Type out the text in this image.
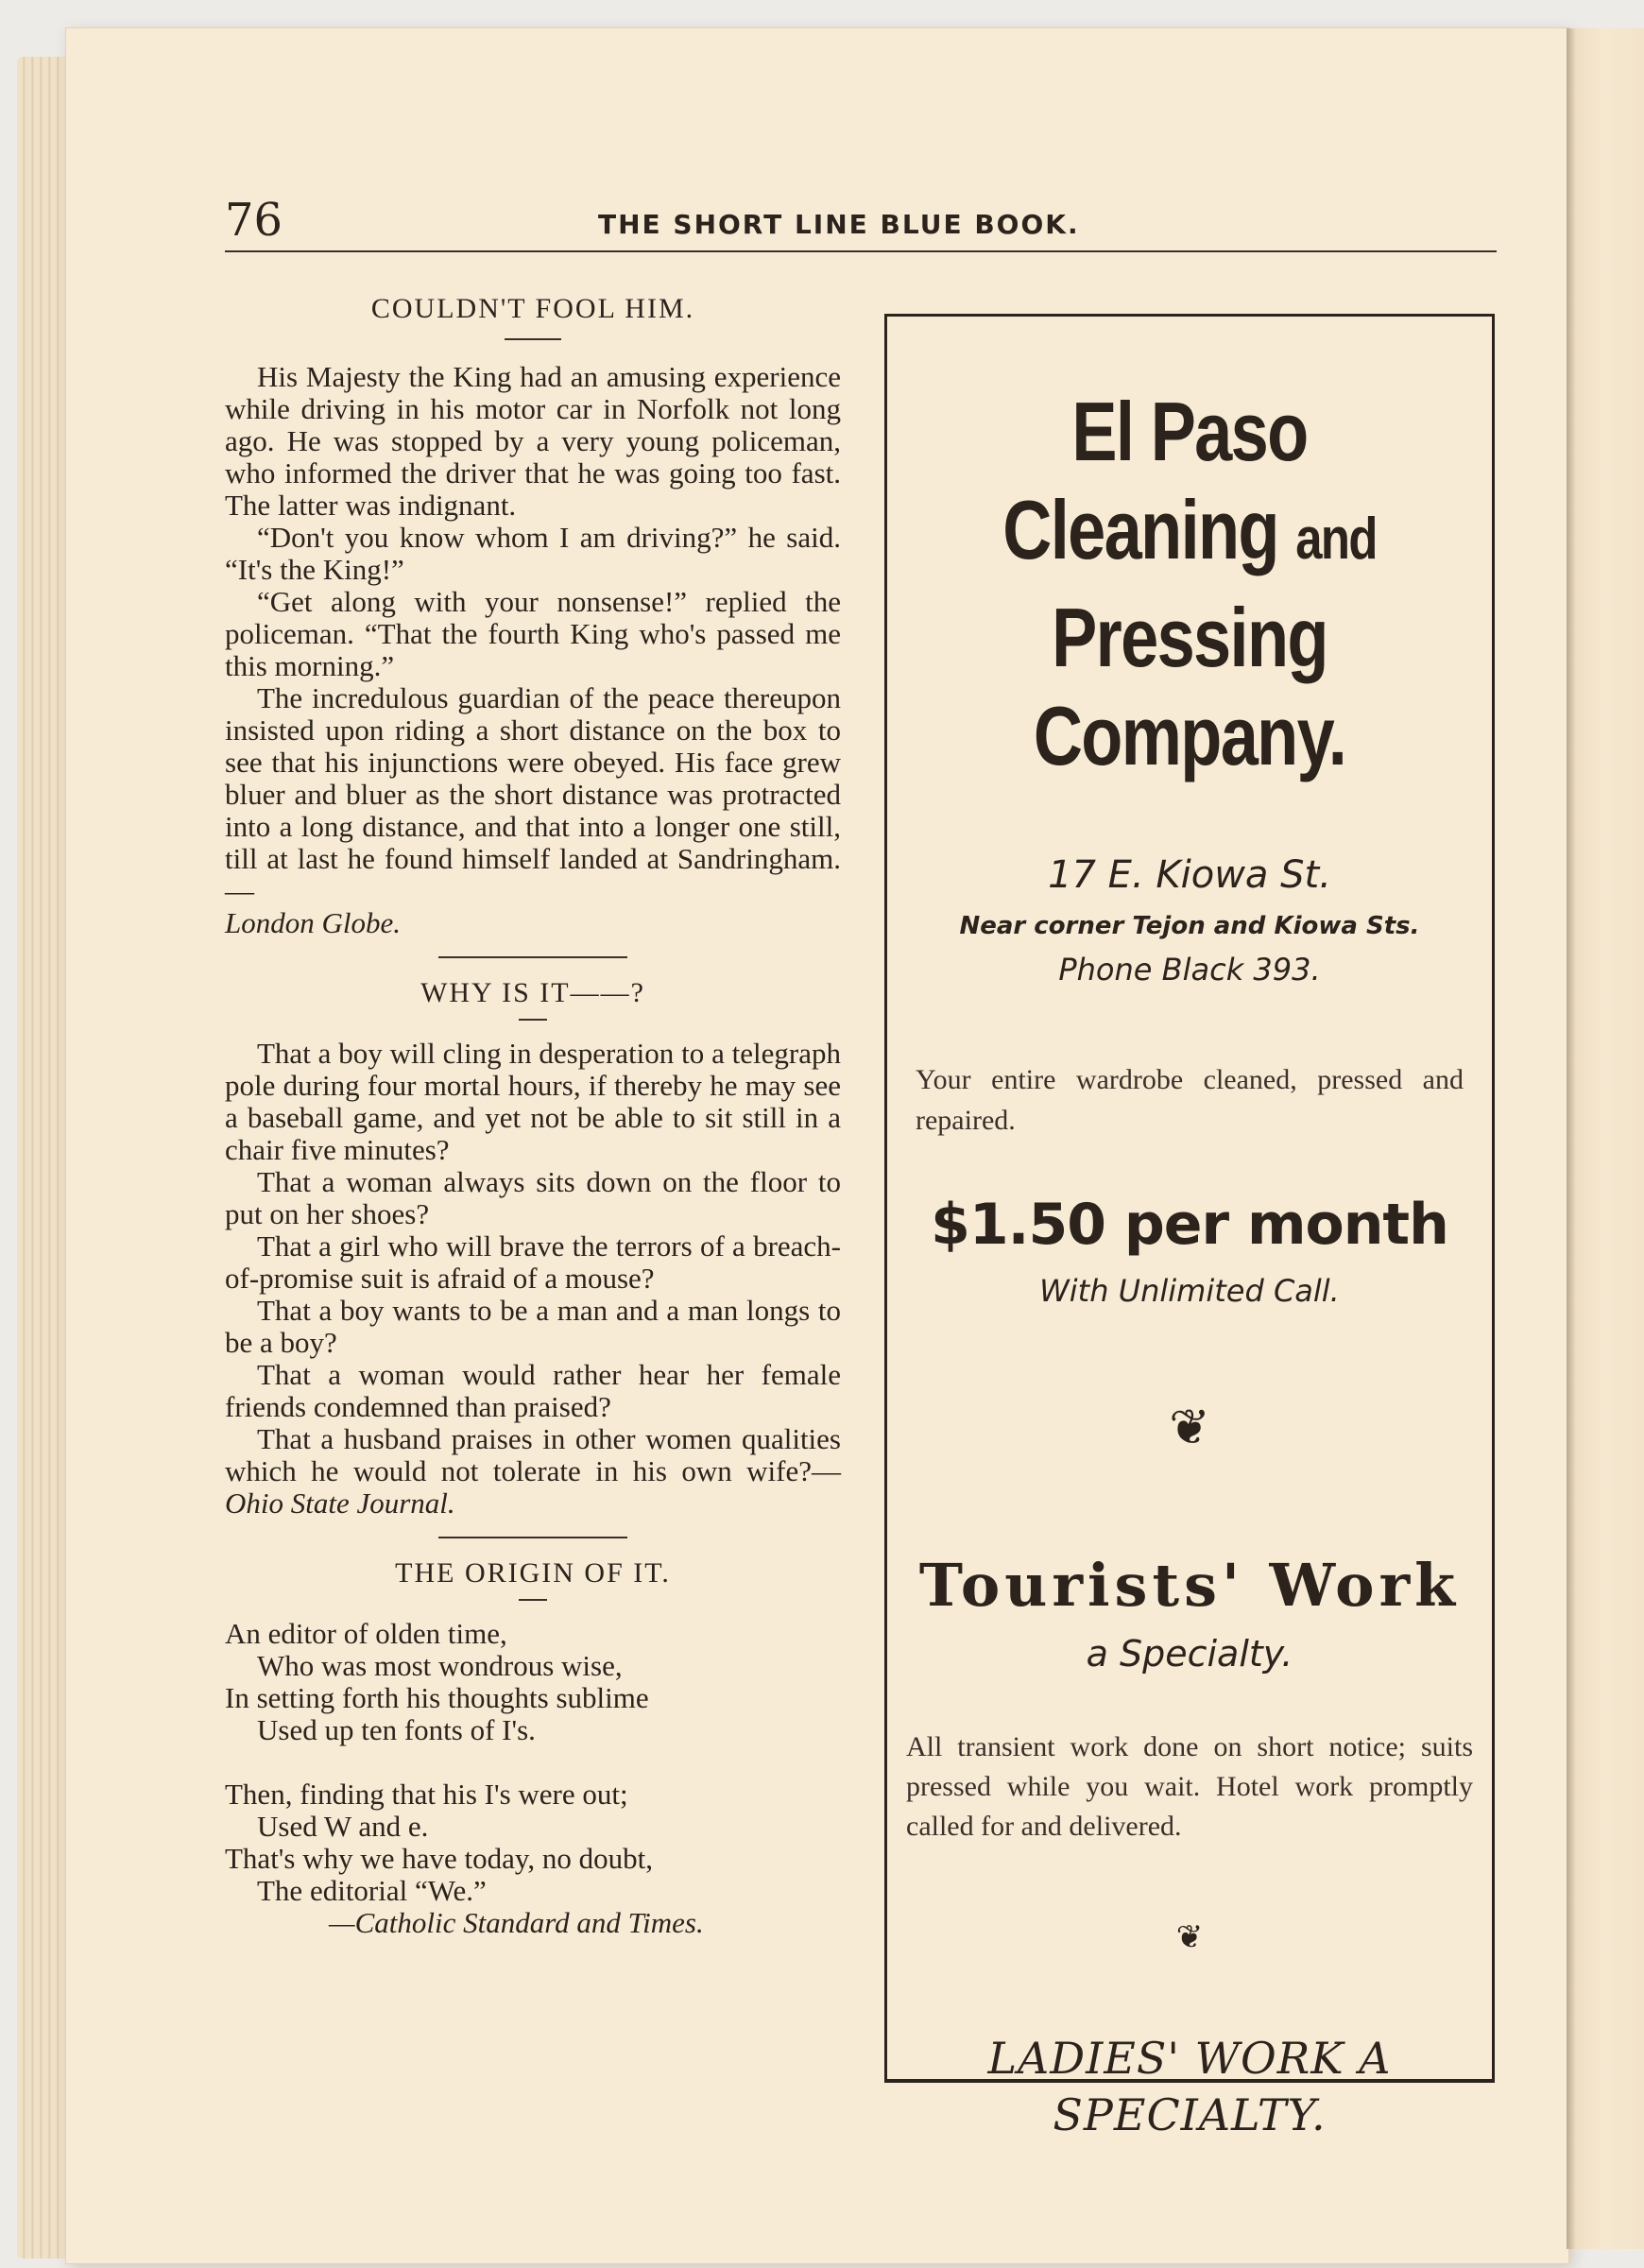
76	THE SHORT LINE BLUE BOOK.
COULDN'T FOOL HIM.

His Majesty the King had an amusing experience while driving in his motor car in Norfolk not long ago. He was stopped by a very young policeman, who informed the driver that he was going too fast. The latter was indignant.

“Don't you know whom I am driving?” he said. “It's the King!”

“Get along with your nonsense!” replied the policeman. “That the fourth King who's passed me this morning.”

The incredulous guardian of the peace thereupon insisted upon riding a short distance on the box to see that his injunctions were obeyed. His face grew bluer and bluer as the short distance was protracted into a long distance, and that into a longer one still, till at last he found himself landed at Sandringham.—
London Globe.

WHY IS IT——?

That a boy will cling in desperation to a telegraph pole during four mortal hours, if thereby he may see a baseball game, and yet not be able to sit still in a chair five minutes?

That a woman always sits down on the floor to put on her shoes?

That a girl who will brave the terrors of a breach-of-promise suit is afraid of a mouse?

That a boy wants to be a man and a man longs to be a boy?

That a woman would rather hear her female friends condemned than praised?

That a husband praises in other women qualities which he would not tolerate in his own wife?—Ohio State Journal.

THE ORIGIN OF IT.

An editor of olden time,

Who was most wondrous wise,

In setting forth his thoughts sublime

Used up ten fonts of I's.

Then, finding that his I's were out;

Used W and e.

That's why we have today, no doubt,

The editorial “We.”

—Catholic Standard and Times.

El Paso
Cleaning and Pressing
Company.
17 E. Kiowa St.
Near corner Tejon and Kiowa Sts.
Phone Black 393.
Your entire wardrobe cleaned, pressed and repaired.
$1.50 per month
With Unlimited Call.
❦
Tourists' Work
a Specialty.
All transient work done on short notice; suits pressed while you wait. Hotel work promptly called for and delivered.
❦
LADIES' WORK A
SPECIALTY.
